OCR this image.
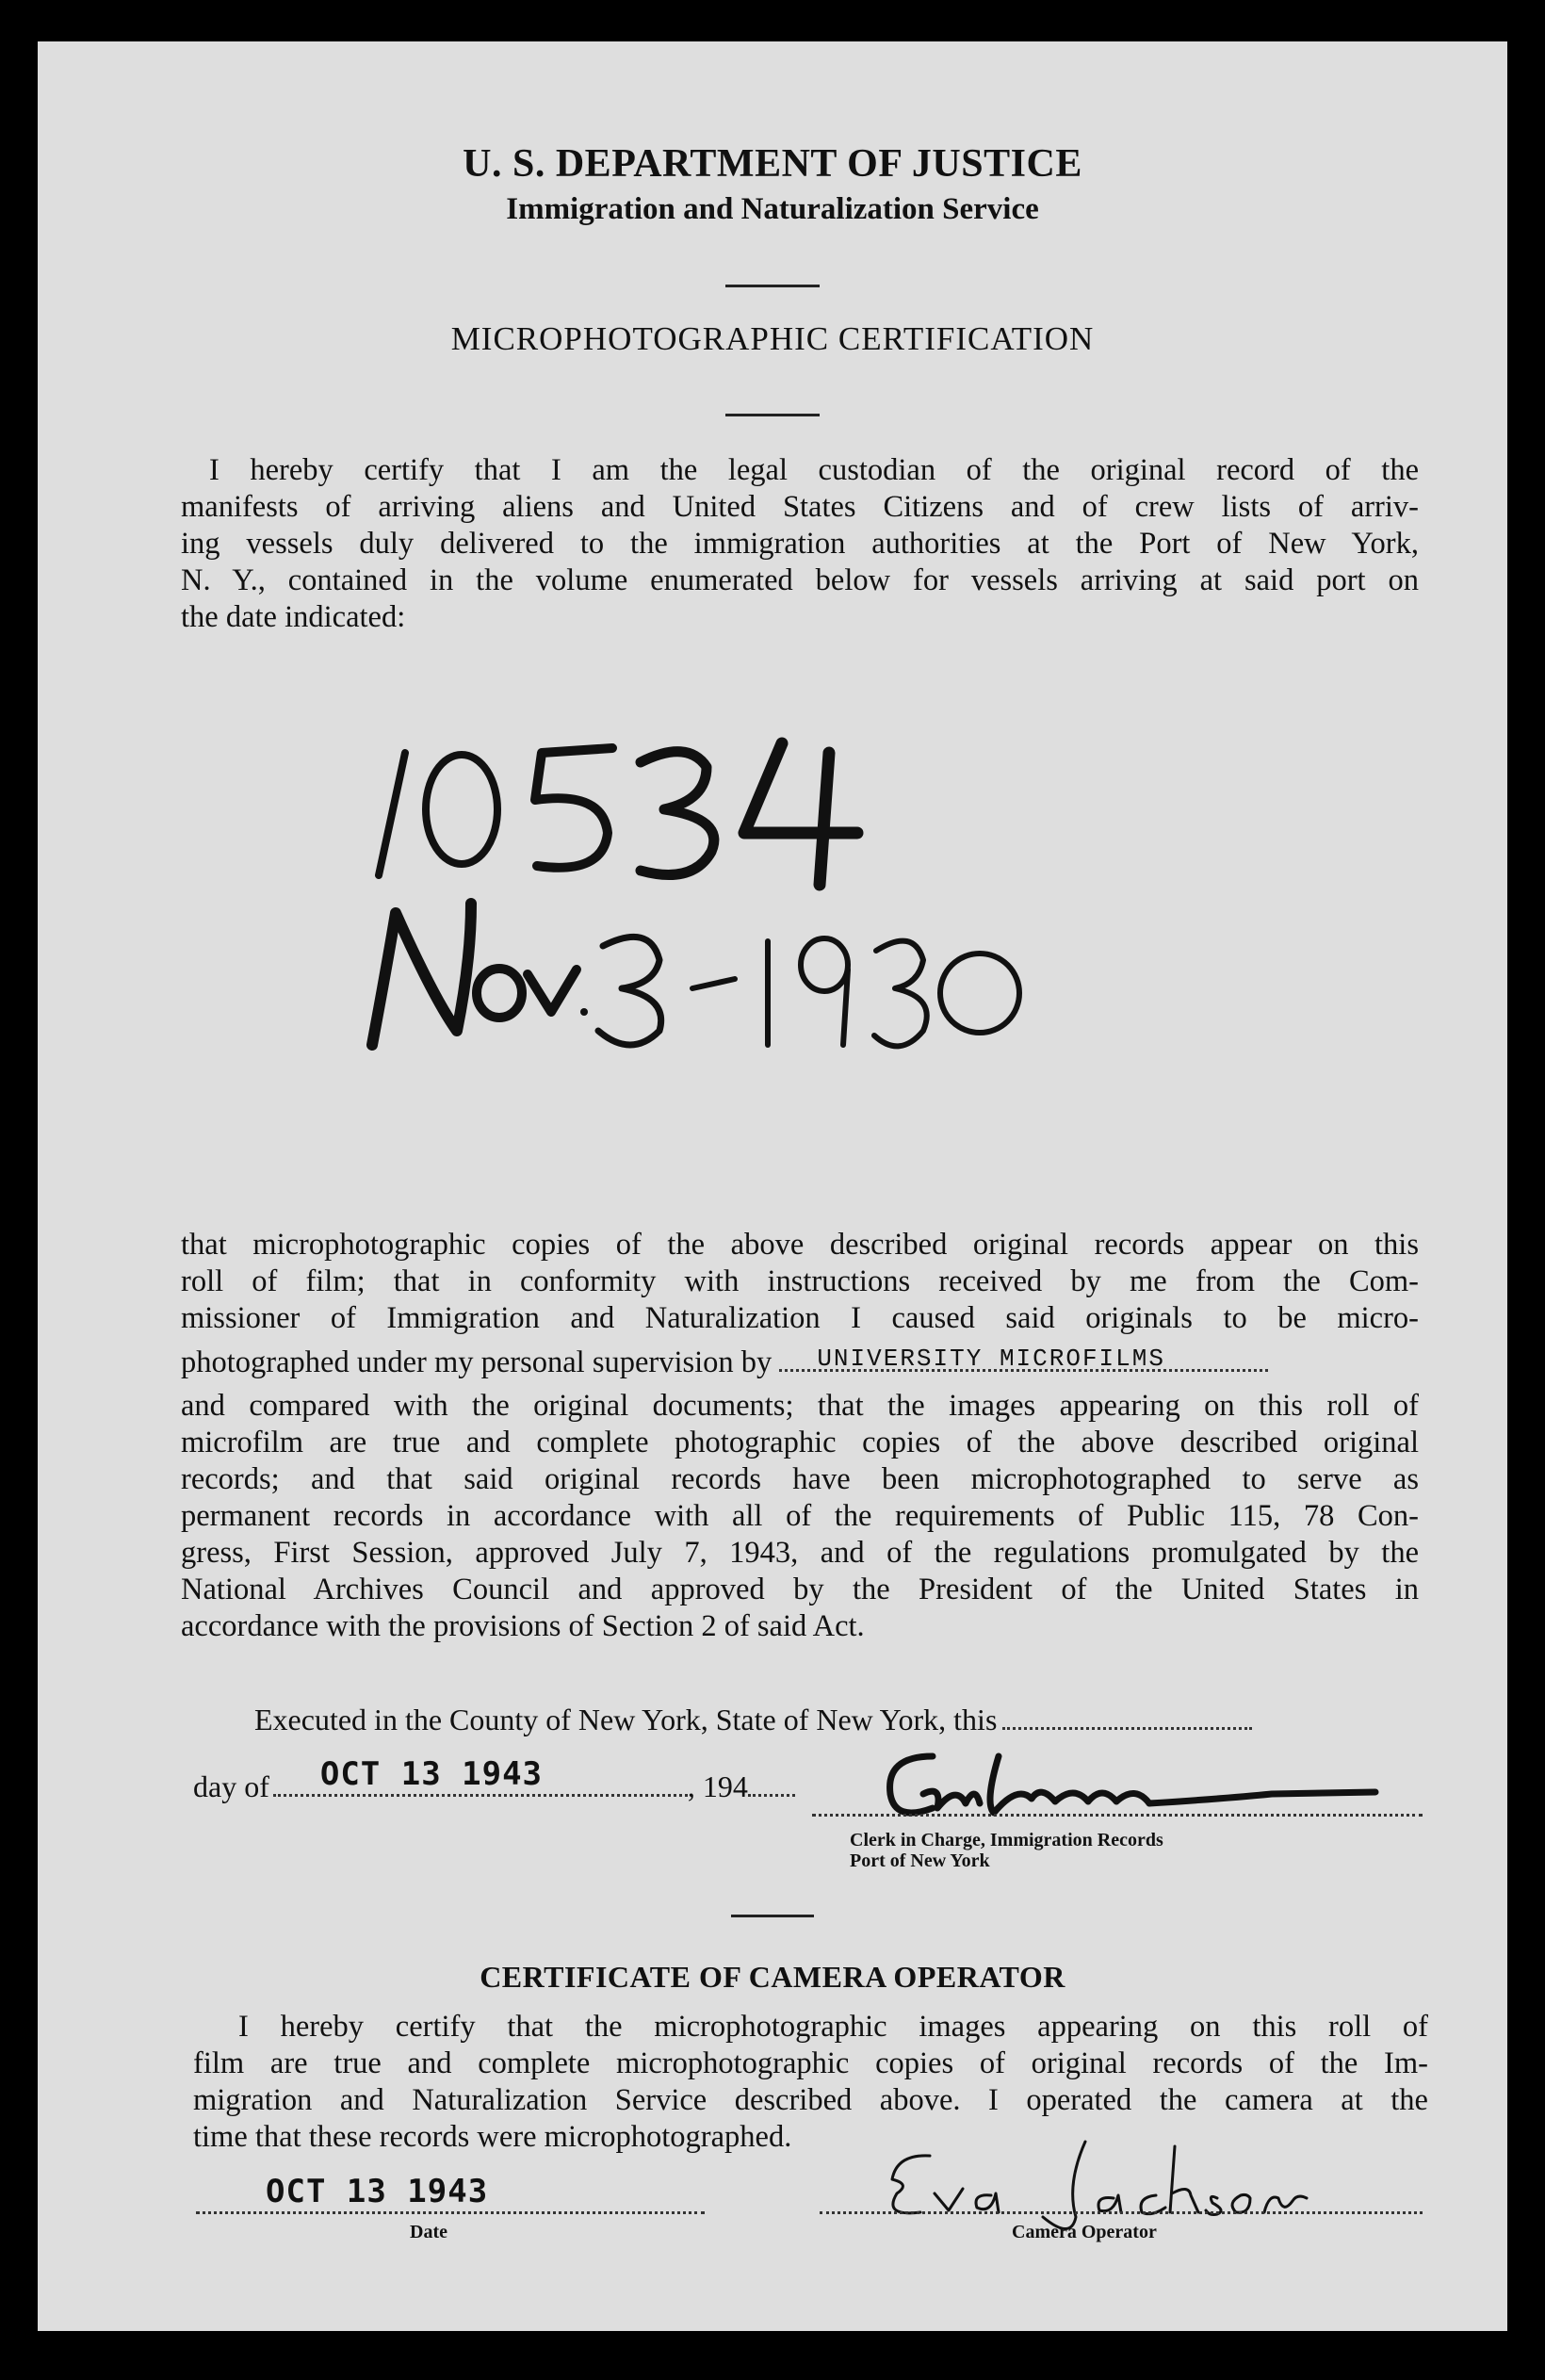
U. S. DEPARTMENT OF JUSTICE
Immigration and Naturalization Service
MICROPHOTOGRAPHIC CERTIFICATION
I hereby certify that I am the legal custodian of the original record of the
manifests of arriving aliens and United States Citizens and of crew lists of arriv-
ing vessels duly delivered to the immigration authorities at the Port of New York,
N. Y., contained in the volume enumerated below for vessels arriving at said port on
the date indicated:
that microphotographic copies of the above described original records appear on this
roll of film; that in conformity with instructions received by me from the Com-
missioner of Immigration and Naturalization I caused said originals to be micro-
photographed under my personal supervision by UNIVERSITY MICROFILMS
and compared with the original documents; that the images appearing on this roll of
microfilm are true and complete photographic copies of the above described original
records; and that said original records have been microphotographed to serve as
permanent records in accordance with all of the requirements of Public 115, 78 Con-
gress, First Session, approved July 7, 1943, and of the regulations promulgated by the
National Archives Council and approved by the President of the United States in
accordance with the provisions of Section 2 of said Act.
Executed in the County of New York, State of New York, this
day of OCT 13 1943	, 194
Clerk in Charge, Immigration Records
Port of New York
CERTIFICATE OF CAMERA OPERATOR
I hereby certify that the microphotographic images appearing on this roll of
film are true and complete microphotographic copies of original records of the Im-
migration and Naturalization Service described above. I operated the camera at the
time that these records were microphotographed.
OCT 13 1943
Date	Camera Operator
